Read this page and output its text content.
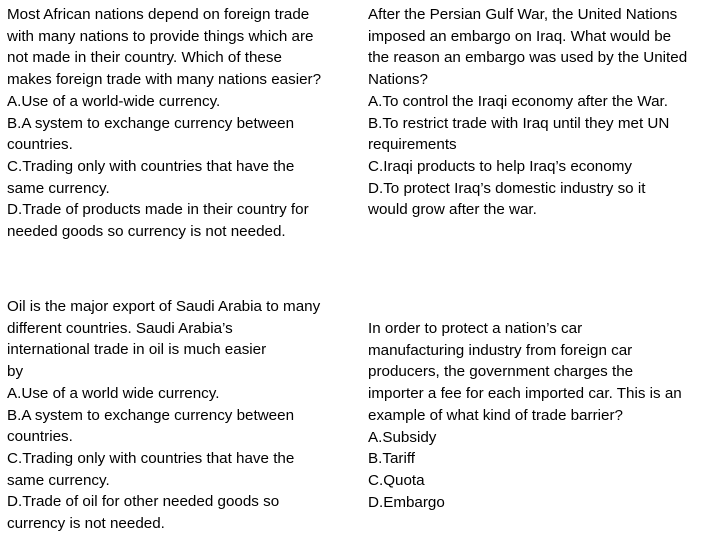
Most African nations depend on foreign trade
with many nations to provide things which are
not made in their country. Which of these
makes foreign trade with many nations easier?
A.Use of a world-wide currency.
B.A system to exchange currency between
countries.
C.Trading only with countries that have the
same currency.
D.Trade of products made in their country for
needed goods so currency is not needed.
After the Persian Gulf War, the United Nations
imposed an embargo on Iraq. What would be
the reason an embargo was used by the United
Nations?
A.To control the Iraqi economy after the War.
B.To restrict trade with Iraq until they met UN
requirements
C.Iraqi products to help Iraq’s economy
D.To protect Iraq’s domestic industry so it
would grow after the war.
Oil is the major export of Saudi Arabia to many
different countries. Saudi Arabia’s
international trade in oil is much easier
by
A.Use of a world wide currency.
B.A system to exchange currency between
countries.
C.Trading only with countries that have the
same currency.
D.Trade of oil for other needed goods so
currency is not needed.
In order to protect a nation’s car
manufacturing industry from foreign car
producers, the government charges the
importer a fee for each imported car. This is an
example of what kind of trade barrier?
A.Subsidy
B.Tariff
C.Quota
D.Embargo
